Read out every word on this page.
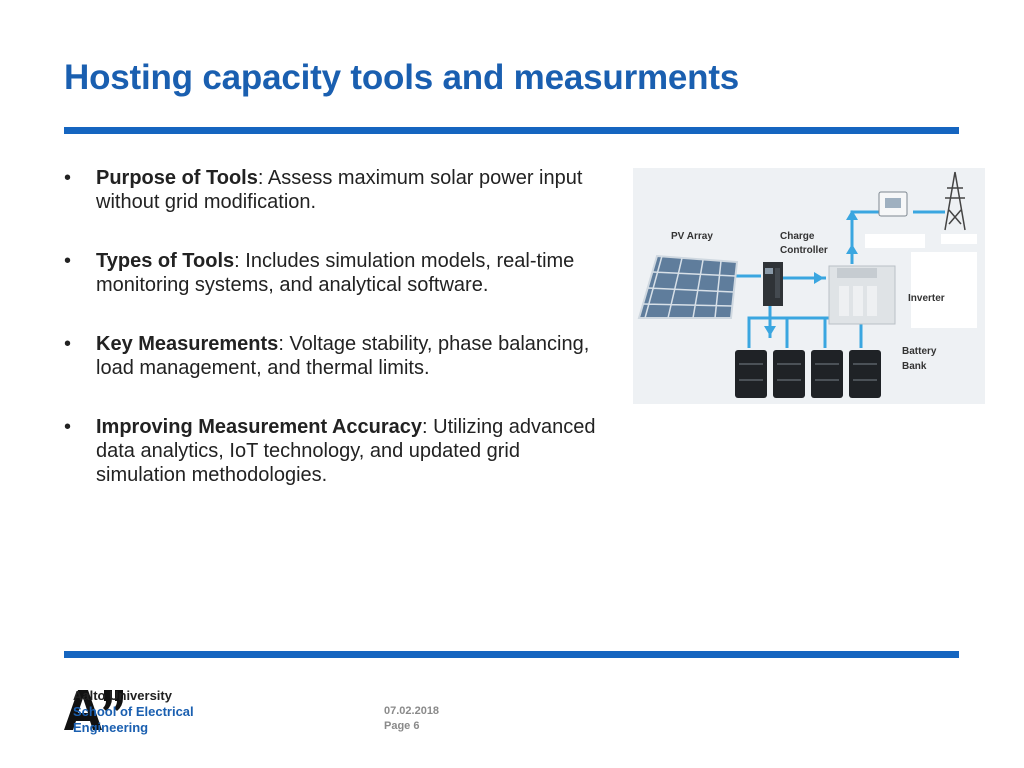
Hosting capacity tools and measurments
•	Purpose of Tools: Assess maximum solar power input without grid modification.
•	Types of Tools: Includes simulation models, real-time monitoring systems, and analytical software.
•	Key Measurements: Voltage stability, phase balancing, load management, and thermal limits.
•	Improving Measurement Accuracy: Utilizing advanced data analytics, IoT technology, and updated grid simulation methodologies.
PV Array	Charge
Controller
Inverter
Battery
Bank
Aalto University
School of Electrical
Engineering
07.02.2018
Page 6
